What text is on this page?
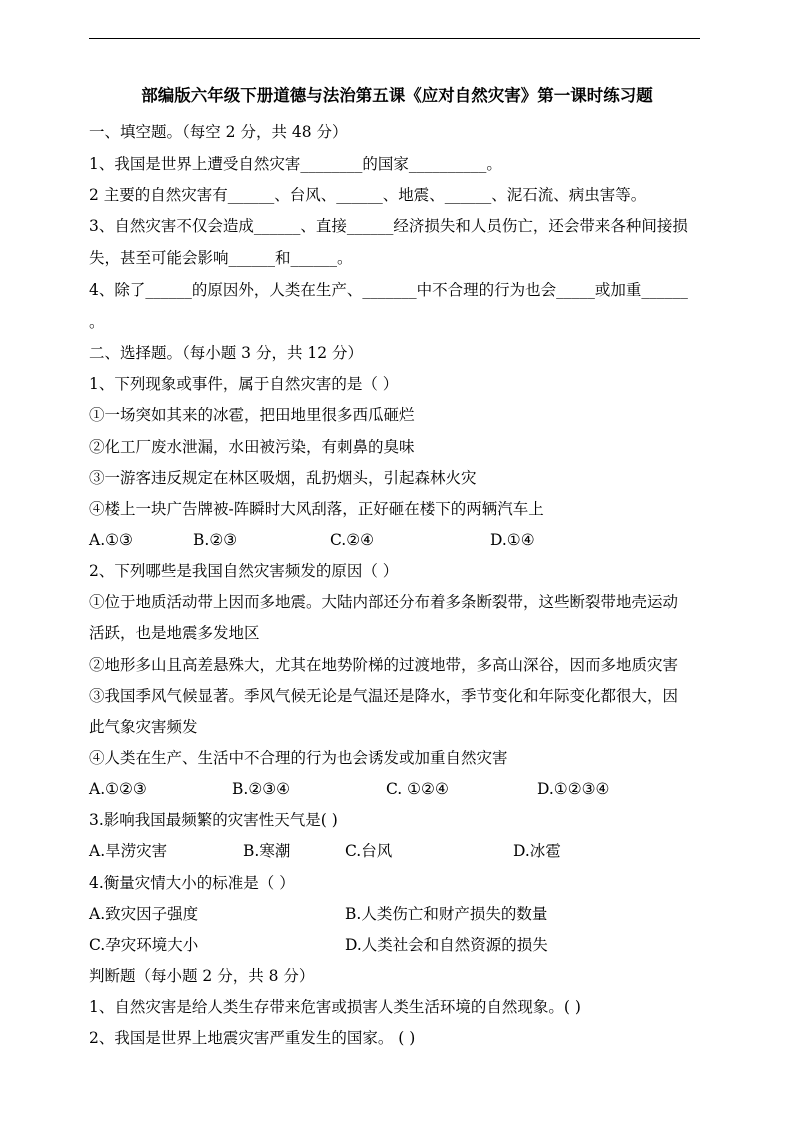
部编版六年级下册道德与法治第五课《应对自然灾害》第一课时练习题
一、填空题。（每空 2 分，共 48 分）
1、我国是世界上遭受自然灾害________的国家__________。
2 主要的自然灾害有______、台风、______、地震、______、泥石流、病虫害等。
3、自然灾害不仅会造成______、直接______经济损失和人员伤亡，还会带来各种间接损
失，甚至可能会影响______和______。
4、除了______的原因外，人类在生产、_______中不合理的行为也会_____或加重______
。
二、选择题。（每小题 3 分，共 12 分）
1、下列现象或事件，属于自然灾害的是（ ）
①一场突如其来的冰雹，把田地里很多西瓜砸烂
②化工厂废水泄漏，水田被污染，有刺鼻的臭味
③一游客违反规定在林区吸烟，乱扔烟头，引起森林火灾
④楼上一块广告牌被-阵瞬时大风刮落，正好砸在楼下的两辆汽车上
A.①③	B.②③	C.②④	D.①④
2、下列哪些是我国自然灾害频发的原因（ ）
①位于地质活动带上因而多地震。大陆内部还分布着多条断裂带，这些断裂带地壳运动
活跃，也是地震多发地区
②地形多山且高差悬殊大，尤其在地势阶梯的过渡地带，多高山深谷，因而多地质灾害
③我国季风气候显著。季风气候无论是气温还是降水，季节变化和年际变化都很大，因
此气象灾害频发
④人类在生产、生活中不合理的行为也会诱发或加重自然灾害
A.①②③	B.②③④	C. ①②④	D.①②③④
3.影响我国最频繁的灾害性天气是( )
A.旱涝灾害	B.寒潮	C.台风	D.冰雹
4.衡量灾情大小的标准是（ ）
A.致灾因子强度	B.人类伤亡和财产损失的数量
C.孕灾环境大小	D.人类社会和自然资源的损失
判断题（每小题 2 分，共 8 分）
1、自然灾害是给人类生存带来危害或损害人类生活环境的自然现象。( )
2、我国是世界上地震灾害严重发生的国家。 ( )
